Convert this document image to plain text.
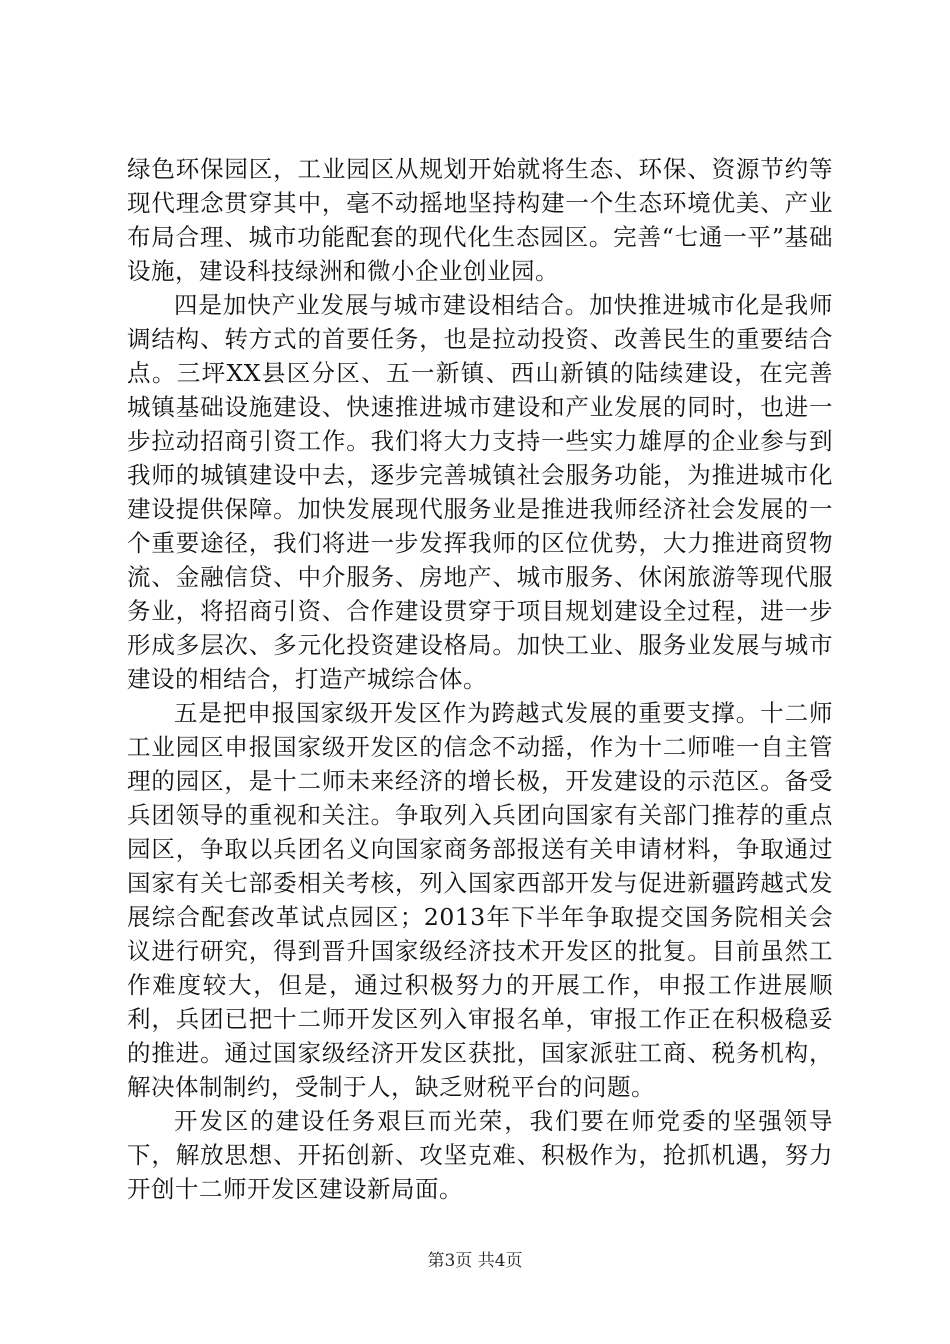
绿色环保园区，工业园区从规划开始就将生态、环保、资源节约等现代理念贯穿其中，毫不动摇地坚持构建一个生态环境优美、产业布局合理、城市功能配套的现代化生态园区。完善“七通一平”基础设施，建设科技绿洲和微小企业创业园。

四是加快产业发展与城市建设相结合。加快推进城市化是我师调结构、转方式的首要任务，也是拉动投资、改善民生的重要结合点。三坪XX县区分区、五一新镇、西山新镇的陆续建设，在完善城镇基础设施建设、快速推进城市建设和产业发展的同时，也进一步拉动招商引资工作。我们将大力支持一些实力雄厚的企业参与到我师的城镇建设中去，逐步完善城镇社会服务功能，为推进城市化建设提供保障。加快发展现代服务业是推进我师经济社会发展的一个重要途径，我们将进一步发挥我师的区位优势，大力推进商贸物流、金融信贷、中介服务、房地产、城市服务、休闲旅游等现代服务业，将招商引资、合作建设贯穿于项目规划建设全过程，进一步形成多层次、多元化投资建设格局。加快工业、服务业发展与城市建设的相结合，打造产城综合体。

五是把申报国家级开发区作为跨越式发展的重要支撑。十二师工业园区申报国家级开发区的信念不动摇，作为十二师唯一自主管理的园区，是十二师未来经济的增长极，开发建设的示范区。备受兵团领导的重视和关注。争取列入兵团向国家有关部门推荐的重点园区，争取以兵团名义向国家商务部报送有关申请材料，争取通过国家有关七部委相关考核，列入国家西部开发与促进新疆跨越式发展综合配套改革试点园区；2013年下半年争取提交国务院相关会议进行研究，得到晋升国家级经济技术开发区的批复。目前虽然工作难度较大，但是，通过积极努力的开展工作，申报工作进展顺利，兵团已把十二师开发区列入审报名单，审报工作正在积极稳妥的推进。通过国家级经济开发区获批，国家派驻工商、税务机构，解决体制制约，受制于人，缺乏财税平台的问题。

开发区的建设任务艰巨而光荣，我们要在师党委的坚强领导下，解放思想、开拓创新、攻坚克难、积极作为，抢抓机遇，努力开创十二师开发区建设新局面。

第3页 共4页
